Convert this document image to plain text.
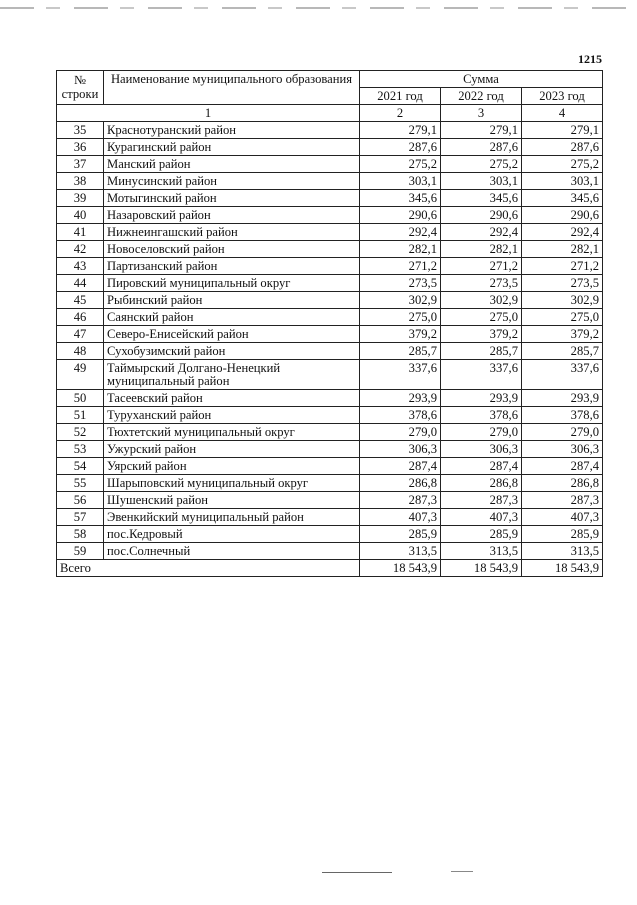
1215
№ строки	Наименование муниципального образования	Сумма		
		2021 год	2022 год	2023 год
1		2	3	4
35	Краснотуранский район	279,1	279,1	279,1
36	Курагинский район	287,6	287,6	287,6
37	Манский район	275,2	275,2	275,2
38	Минусинский район	303,1	303,1	303,1
39	Мотыгинский район	345,6	345,6	345,6
40	Назаровский район	290,6	290,6	290,6
41	Нижнеингашский район	292,4	292,4	292,4
42	Новоселовский район	282,1	282,1	282,1
43	Партизанский район	271,2	271,2	271,2
44	Пировский муниципальный округ	273,5	273,5	273,5
45	Рыбинский район	302,9	302,9	302,9
46	Саянский район	275,0	275,0	275,0
47	Северо-Енисейский район	379,2	379,2	379,2
48	Сухобузимский район	285,7	285,7	285,7
49	Таймырский Долгано-Ненецкий муниципальный район	337,6	337,6	337,6
50	Тасеевский район	293,9	293,9	293,9
51	Туруханский район	378,6	378,6	378,6
52	Тюхтетский муниципальный округ	279,0	279,0	279,0
53	Ужурский район	306,3	306,3	306,3
54	Уярский район	287,4	287,4	287,4
55	Шарыповский муниципальный округ	286,8	286,8	286,8
56	Шушенский район	287,3	287,3	287,3
57	Эвенкийский муниципальный район	407,3	407,3	407,3
58	пос.Кедровый	285,9	285,9	285,9
59	пос.Солнечный	313,5	313,5	313,5
Всего		18 543,9	18 543,9	18 543,9
